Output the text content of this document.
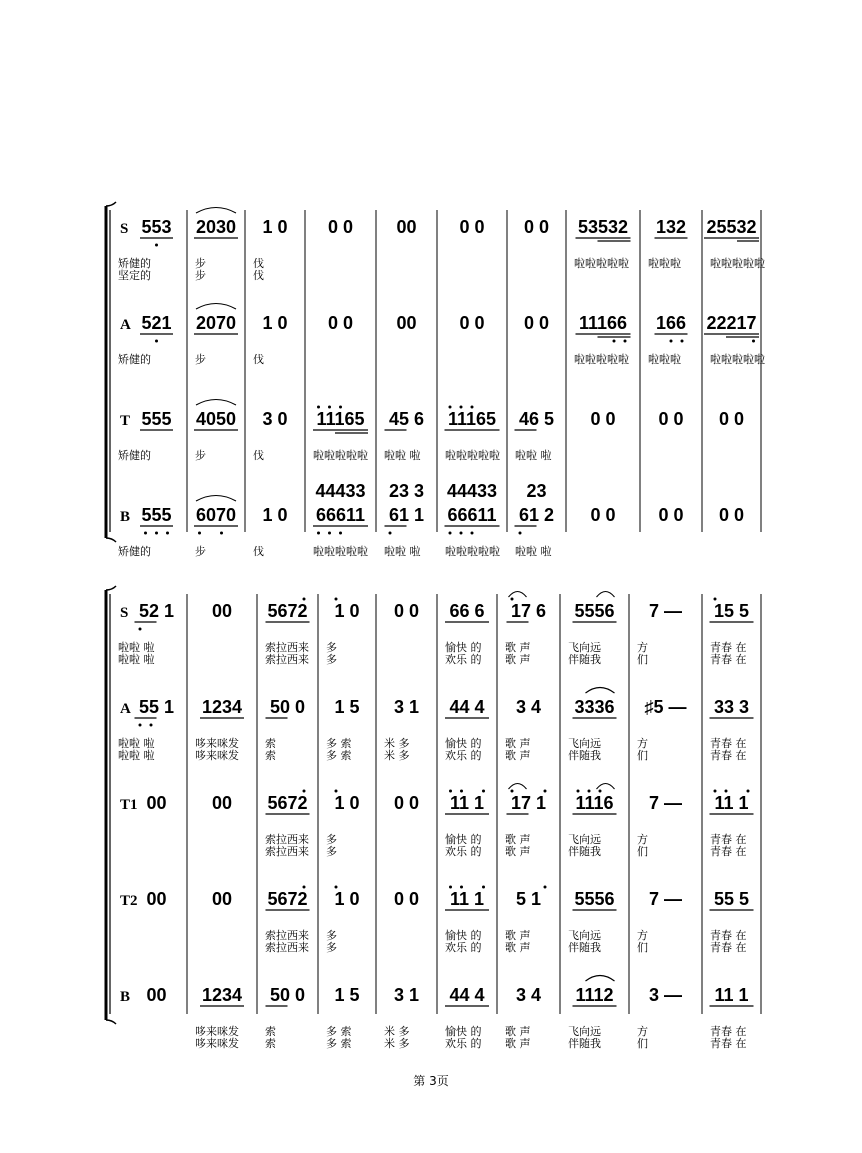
S 553
矫健的
坚定的
2030
步
步
1 0
伐
伐
0 0 00 0 0 0 0 53532
啦啦啦啦啦
132
啦啦啦
25532
啦啦啦啦啦
A 521
矫健的
2070
步
1 0
伐
0 0 00 0 0 0 0 11166
啦啦啦啦啦
166
啦啦啦
22217
啦啦啦啦啦
T 555
矫健的
4050
步
3 0
伐
11165
啦啦啦啦啦
45 6
啦啦 啦
11165
啦啦啦啦啦
46 5
啦啦 啦
0 0 0 0 0 0
B 555
矫健的
6070
步
1 0
伐
66611
44433
啦啦啦啦啦
61 1
23 3
啦啦 啦
66611
44433
啦啦啦啦啦
61 2
23
啦啦 啦
0 0 0 0 0 0
S 52 1
啦啦 啦
啦啦 啦
00 5672
索拉西来
索拉西来
1 0
多
多
0 0 66 6
愉快 的
欢乐 的
17 6
歌 声
歌 声
5556
飞向远
伴随我
7 —
方
们
15 5
青春 在
青春 在
A 55 1
啦啦 啦
啦啦 啦
1234
哆来咪发
哆来咪发
50 0
索
索
1 5
多 索
多 索
3 1
米 多
米 多
44 4
愉快 的
欢乐 的
3 4
歌 声
歌 声
3336
飞向远
伴随我
♯5 —
方
们
33 3
青春 在
青春 在
T1 00	00 5672
索拉西来
索拉西来
1 0
多
多
0 0 11 1
愉快 的
欢乐 的
17 1
歌 声
歌 声
1116
飞向远
伴随我
7 —
方
们
11 1
青春 在
青春 在
T2 00	00 5672
索拉西来
索拉西来
1 0
多
多
0 0 11 1
愉快 的
欢乐 的
5 1
歌 声
歌 声
5556
飞向远
伴随我
7 —
方
们
55 5
青春 在
青春 在
B 00 1234
哆来咪发
哆来咪发
50 0
索
索
1 5
多 索
多 索
3 1
米 多
米 多
44 4
愉快 的
欢乐 的
3 4
歌 声
歌 声
1112
飞向远
伴随我
3 —
方
们
11 1
青春 在
青春 在
第 3页
